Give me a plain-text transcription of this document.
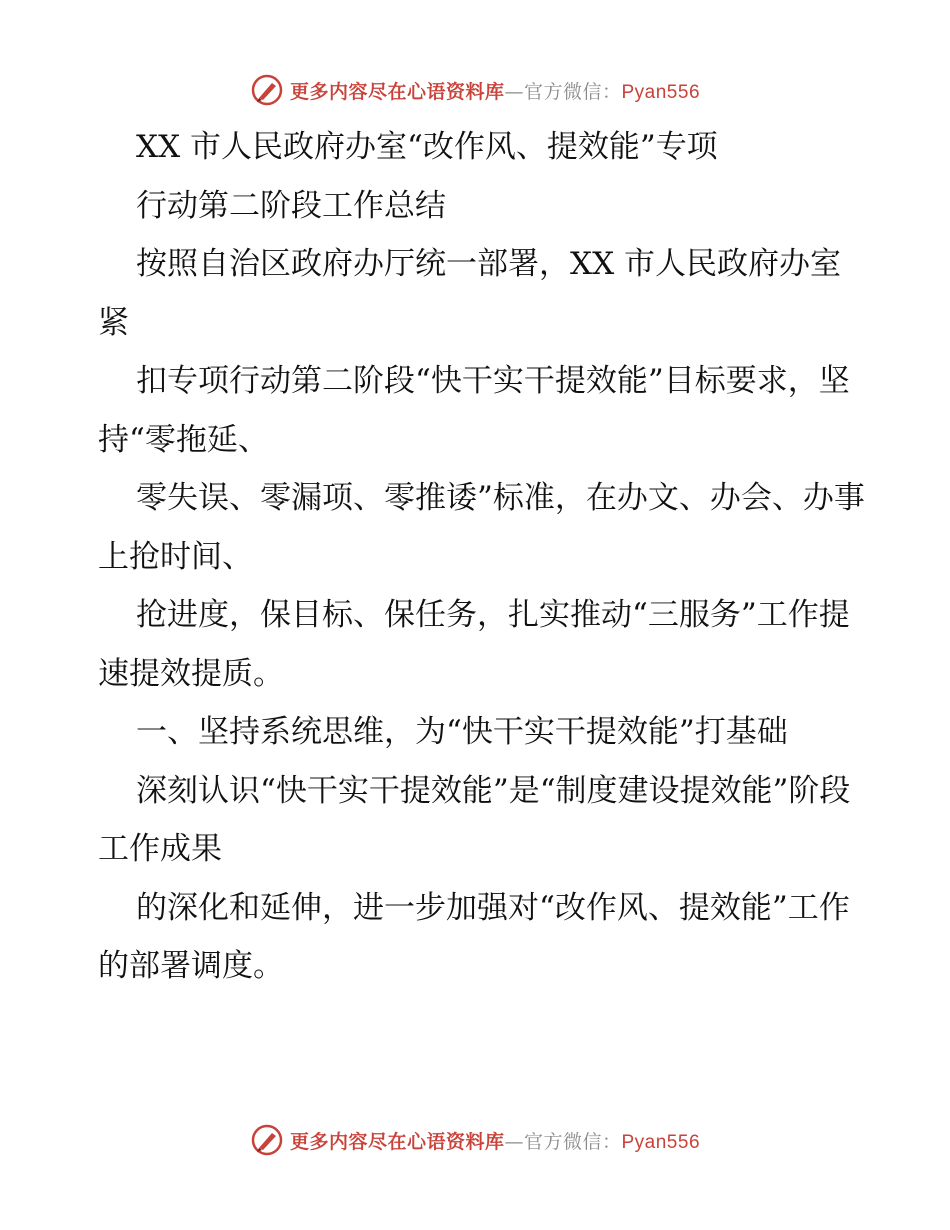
更多内容尽在心语资料库—官方微信：Pyan556

XX 市人民政府办室“改作风、提效能”专项

行动第二阶段工作总结

按照自治区政府办厅统一部署，XX 市人民政府办室紧

扣专项行动第二阶段“快干实干提效能”目标要求，坚持“零拖延、

零失误、零漏项、零推诿”标准，在办文、办会、办事上抢时间、

抢进度，保目标、保任务，扎实推动“三服务”工作提速提效提质。

一、坚持系统思维，为“快干实干提效能”打基础

深刻认识“快干实干提效能”是“制度建设提效能”阶段工作成果

的深化和延伸，进一步加强对“改作风、提效能”工作的部署调度。

更多内容尽在心语资料库—官方微信：Pyan556
